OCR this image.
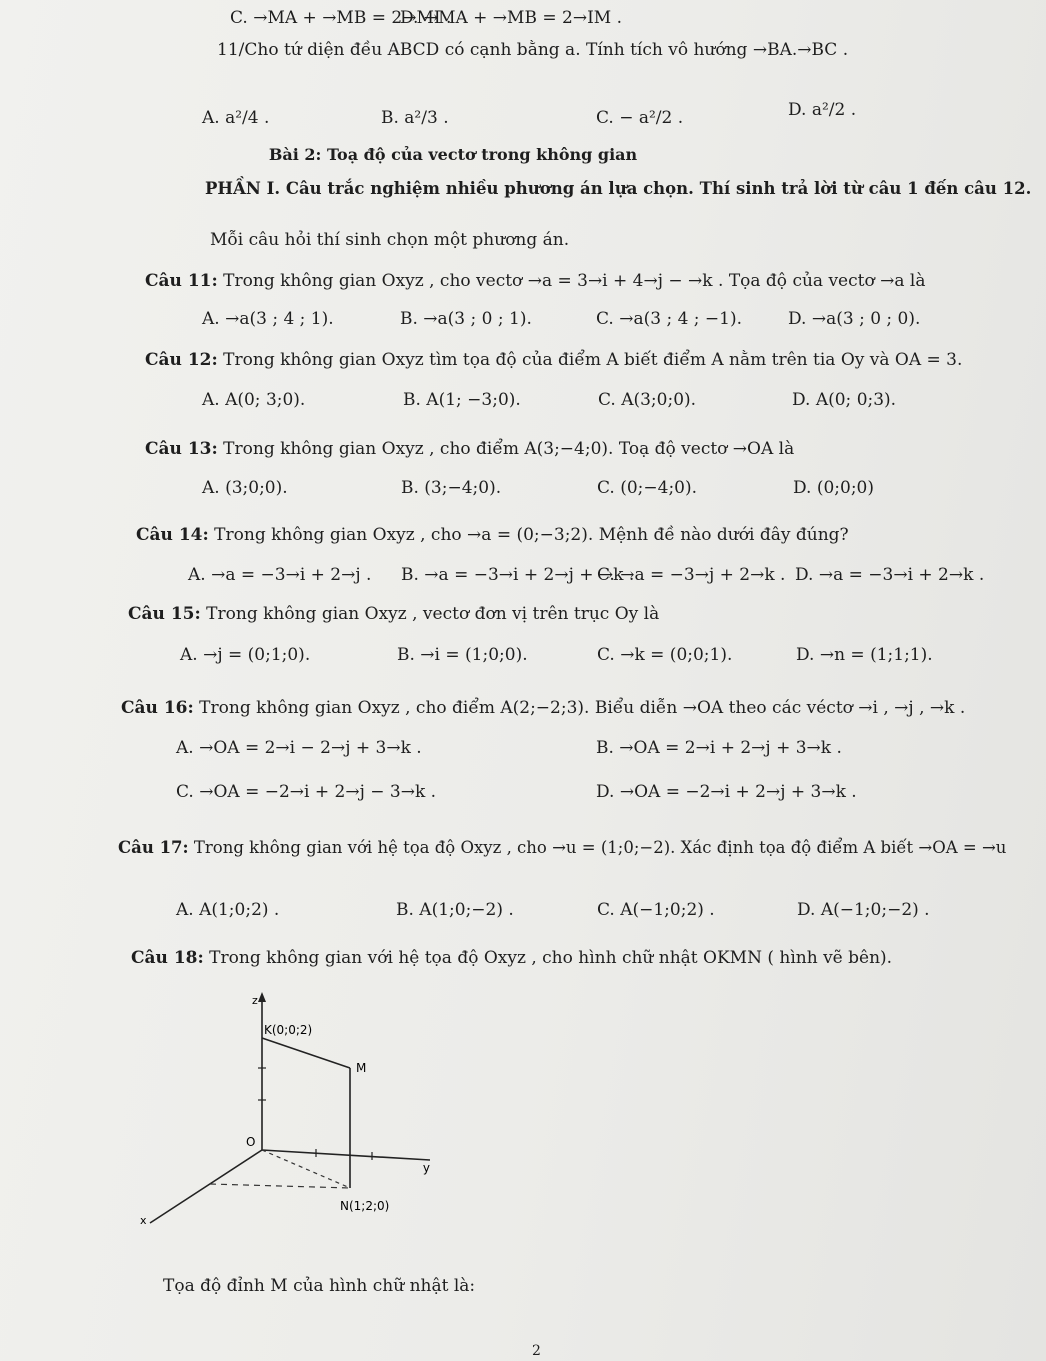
C. →MA + →MB = 2→MI .
D. →MA + →MB = 2→IM .
11/Cho tứ diện đều ABCD có cạnh bằng a. Tính tích vô hướng →BA.→BC .
A. a²/4 .	B. a²/3 .	C. − a²/2 .	D. a²/2 .
Bài 2: Toạ độ của vectơ trong không gian
PHẦN I. Câu trắc nghiệm nhiều phương án lựa chọn. Thí sinh trả lời từ câu 1 đến câu 12.
Mỗi câu hỏi thí sinh chọn một phương án.
Câu 11: Trong không gian Oxyz , cho vectơ →a = 3→i + 4→j − →k . Tọa độ của vectơ →a là
A. →a(3 ; 4 ; 1).	B. →a(3 ; 0 ; 1).	C. →a(3 ; 4 ; −1).	D. →a(3 ; 0 ; 0).
Câu 12: Trong không gian Oxyz tìm tọa độ của điểm A biết điểm A nằm trên tia Oy và OA = 3.
A. A(0; 3;0).	B. A(1; −3;0).	C. A(3;0;0).	D. A(0; 0;3).
Câu 13: Trong không gian Oxyz , cho điểm A(3;−4;0). Toạ độ vectơ →OA là
A. (3;0;0).	B. (3;−4;0).	C. (0;−4;0).	D. (0;0;0)
Câu 14: Trong không gian Oxyz , cho →a = (0;−3;2). Mệnh đề nào dưới đây đúng?
A. →a = −3→i + 2→j . B. →a = −3→i + 2→j + →k .
C. →a = −3→j + 2→k . D. →a = −3→i + 2→k .
Câu 15: Trong không gian Oxyz , vectơ đơn vị trên trục Oy là
A. →j = (0;1;0).	B. →i = (1;0;0).	C. →k = (0;0;1).	D. →n = (1;1;1).
Câu 16: Trong không gian Oxyz , cho điểm A(2;−2;3). Biểu diễn →OA theo các véctơ →i , →j , →k .
A. →OA = 2→i − 2→j + 3→k .	B. →OA = 2→i + 2→j + 3→k .
C. →OA = −2→i + 2→j − 3→k .	D. →OA = −2→i + 2→j + 3→k .
Câu 17: Trong không gian với hệ tọa độ Oxyz , cho →u = (1;0;−2). Xác định tọa độ điểm A biết →OA = →u
A. A(1;0;2) .	B. A(1;0;−2) .	C. A(−1;0;2) .	D. A(−1;0;−2) .
Câu 18: Trong không gian với hệ tọa độ Oxyz , cho hình chữ nhật OKMN ( hình vẽ bên).
z
K(0;0;2)
M
O
y
N(1;2;0)
x
Tọa độ đỉnh M của hình chữ nhật là:
2
